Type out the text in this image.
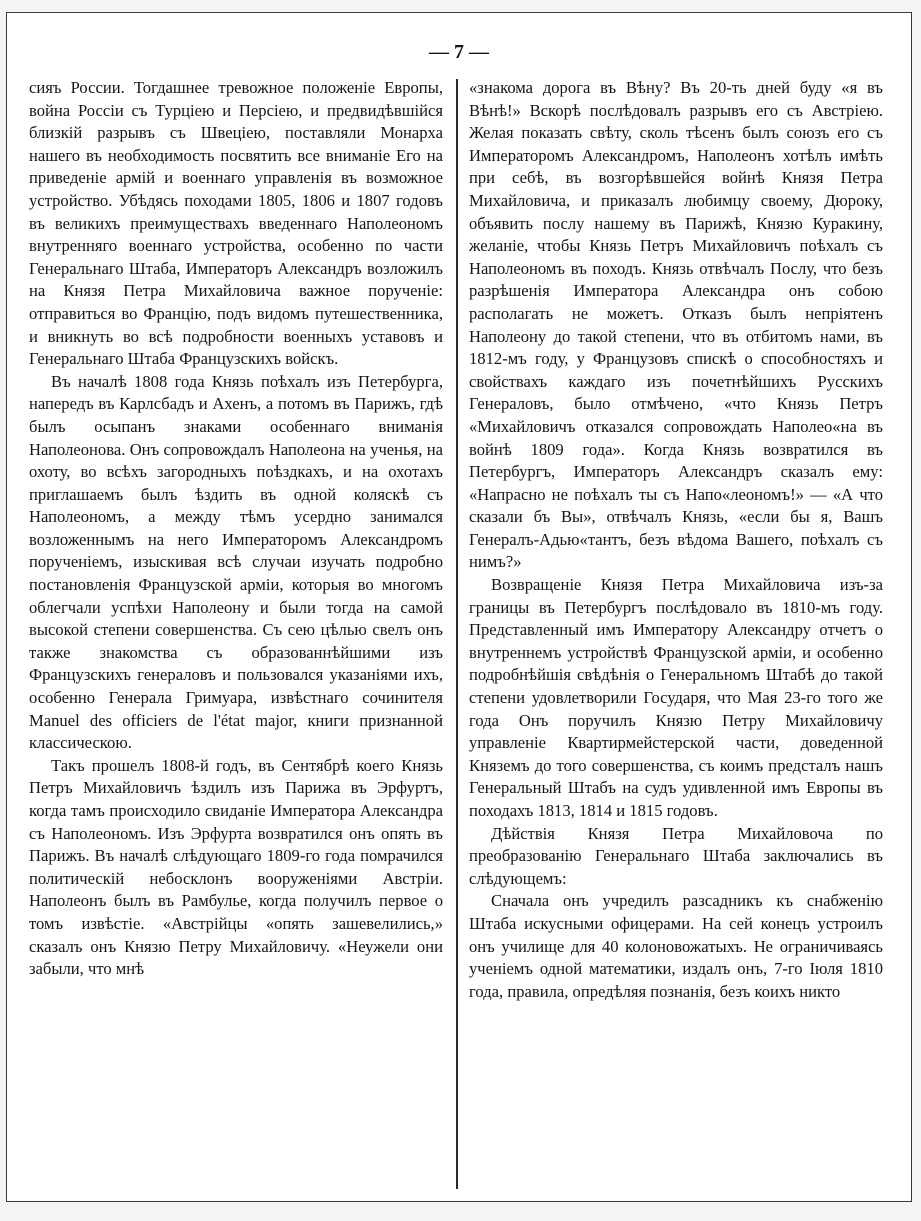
— 7 —

сияъ России. Тогдашнее тревожное положеніе Европы, война Россіи съ Турціею и Персіею, и предвидѣвшійся близкій разрывъ съ Швеціею, поставляли Монарха нашего въ необходимость посвятить все вниманіе Его на приведеніе армій и военнаго управленія въ возможное устройство. Убѣдясь походами 1805, 1806 и 1807 годовъ въ великихъ преимуществахъ введеннаго Наполеономъ внутренняго военнаго устройства, особенно по части Генеральнаго Штаба, Императоръ Александръ возложилъ на Князя Петра Михайловича важное порученіе: отправиться во Францію, подъ видомъ путешественника, и вникнуть во всѣ подробности военныхъ уставовъ и Генеральнаго Штаба Французскихъ войскъ.

Въ началѣ 1808 года Князь поѣхалъ изъ Петербурга, напередъ въ Карлсбадъ и Ахенъ, а потомъ въ Парижъ, гдѣ былъ осыпанъ знаками особеннаго вниманія Наполеонова. Онъ сопровождалъ Наполеона на ученья, на охоту, во всѣхъ загородныхъ поѣздкахъ, и на охотахъ приглашаемъ былъ ѣздить въ одной коляскѣ съ Наполеономъ, а между тѣмъ усердно занимался возложеннымъ на него Императоромъ Александромъ порученіемъ, изыскивая всѣ случаи изучать подробно постановленія Французской арміи, которыя во многомъ облегчали успѣхи Наполеону и были тогда на самой высокой степени совершенства. Съ сею цѣлью свелъ онъ также знакомства съ образованнѣйшими изъ Французскихъ генераловъ и пользовался указаніями ихъ, особенно Генерала Гримуара, извѣстнаго сочинителя Manuel des officiers de l'état major, книги признанной классическою.

Такъ прошелъ 1808-й годъ, въ Сентябрѣ коего Князь Петръ Михайловичъ ѣздилъ изъ Парижа въ Эрфуртъ, когда тамъ происходило свиданіе Императора Александра съ Наполеономъ. Изъ Эрфурта возвратился онъ опять въ Парижъ. Въ началѣ слѣдующаго 1809-го года помрачился политическій небосклонъ вооруженіями Австріи. Наполеонъ былъ въ Рамбулье, когда получилъ первое о томъ извѣстіе. «Австрійцы «опять зашевелились,» сказалъ онъ Князю Петру Михайловичу. «Неужели они забыли, что мнѣ

«знакома дорога въ Вѣну? Въ 20-ть дней буду «я въ Вѣнѣ!» Вскорѣ послѣдовалъ разрывъ его съ Австріею. Желая показать свѣту, сколь тѣсенъ былъ союзъ его съ Императоромъ Александромъ, Наполеонъ хотѣлъ имѣть при себѣ, въ возгорѣвшейся войнѣ Князя Петра Михайловича, и приказалъ любимцу своему, Дюроку, объявить послу нашему въ Парижѣ, Князю Куракину, желаніе, чтобы Князь Петръ Михайловичъ поѣхалъ съ Наполеономъ въ походъ. Князь отвѣчалъ Послу, что безъ разрѣшенія Императора Александра онъ собою располагать не можетъ. Отказъ былъ непріятенъ Наполеону до такой степени, что въ отбитомъ нами, въ 1812-мъ году, у Французовъ спискѣ о способностяхъ и свойствахъ каждаго изъ почетнѣйшихъ Русскихъ Генераловъ, было отмѣчено, «что Князь Петръ «Михайловичъ отказался сопровождать Наполео«на въ войнѣ 1809 года». Когда Князь возвратился въ Петербургъ, Императоръ Александръ сказалъ ему: «Напрасно не поѣхалъ ты съ Напо«леономъ!» — «А что сказали бъ Вы», отвѣчалъ Князь, «если бы я, Вашъ Генералъ-Адью«тантъ, безъ вѣдома Вашего, поѣхалъ съ нимъ?»

Возвращеніе Князя Петра Михайловича изъ-за границы въ Петербургъ послѣдовало въ 1810-мъ году. Представленный имъ Императору Александру отчетъ о внутреннемъ устройствѣ Французской арміи, и особенно подробнѣйшія свѣдѣнія о Генеральномъ Штабѣ до такой степени удовлетворили Государя, что Мая 23-го того же года Онъ поручилъ Князю Петру Михайловичу управленіе Квартирмейстерской части, доведенной Княземъ до того совершенства, съ коимъ предсталъ нашъ Генеральный Штабъ на судъ удивленной имъ Европы въ походахъ 1813, 1814 и 1815 годовъ.

Дѣйствія Князя Петра Михайловоча по преобразованію Генеральнаго Штаба заключались въ слѣдующемъ:

Сначала онъ учредилъ разсадникъ къ снабженію Штаба искусными офицерами. На сей конецъ устроилъ онъ училище для 40 колоновожатыхъ. Не ограничиваясь ученіемъ одной математики, издалъ онъ, 7-го Іюля 1810 года, правила, опредѣляя познанія, безъ коихъ никто
